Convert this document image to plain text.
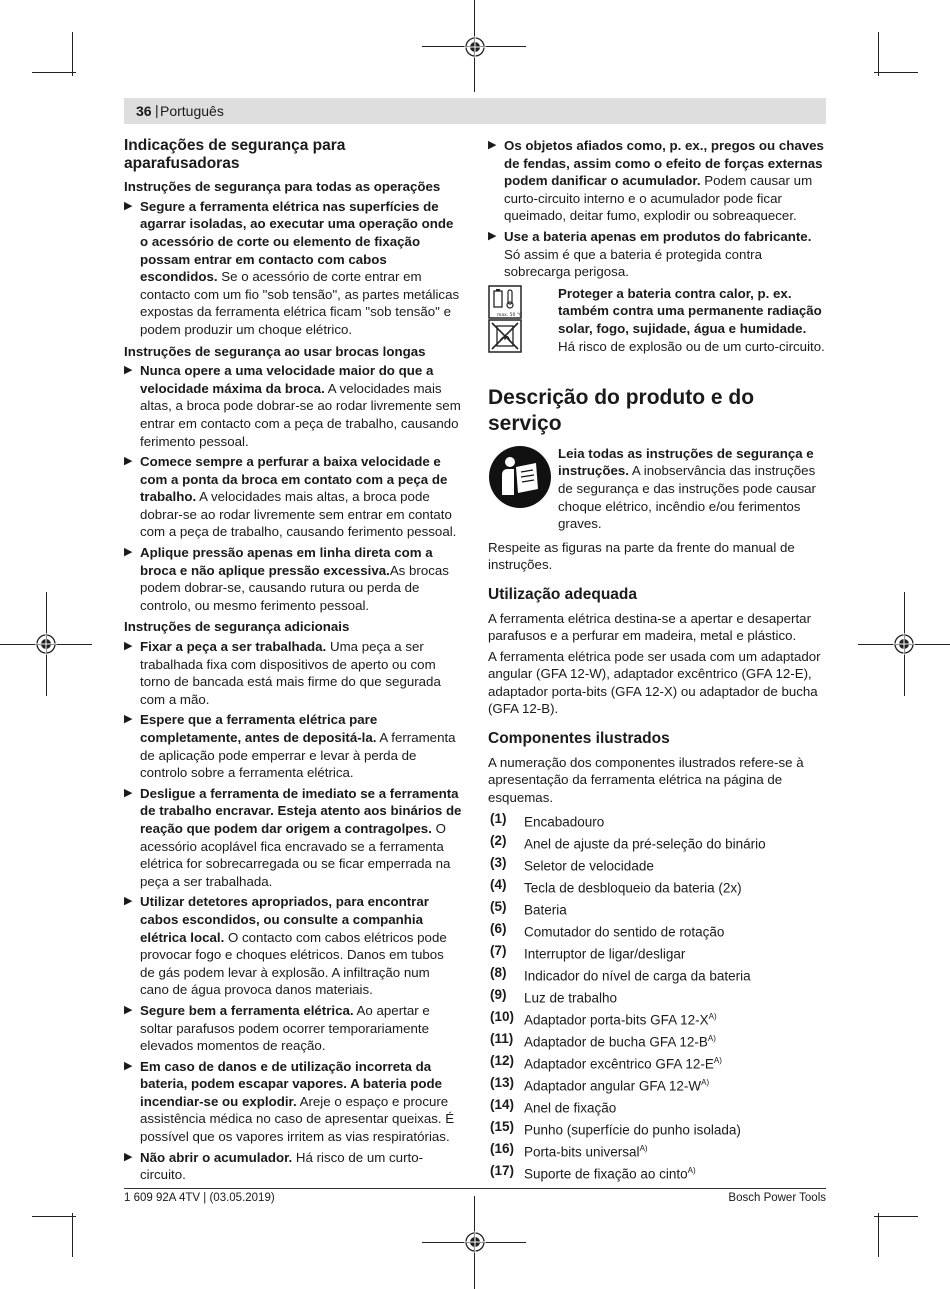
36 | Português
Indicações de segurança para aparafusadoras
Instruções de segurança para todas as operações
▶ Segure a ferramenta elétrica nas superfícies de agarrar isoladas, ao executar uma operação onde o acessório de corte ou elemento de fixação possam entrar em contacto com cabos escondidos. Se o acessório de corte entrar em contacto com um fio "sob tensão", as partes metálicas expostas da ferramenta elétrica ficam "sob tensão" e podem produzir um choque elétrico.
Instruções de segurança ao usar brocas longas
▶ Nunca opere a uma velocidade maior do que a velocidade máxima da broca. A velocidades mais altas, a broca pode dobrar-se ao rodar livremente sem entrar em contacto com a peça de trabalho, causando ferimento pessoal.
▶ Comece sempre a perfurar a baixa velocidade e com a ponta da broca em contato com a peça de trabalho. A velocidades mais altas, a broca pode dobrar-se ao rodar livremente sem entrar em contato com a peça de trabalho, causando ferimento pessoal.
▶ Aplique pressão apenas em linha direta com a broca e não aplique pressão excessiva.As brocas podem dobrar-se, causando rutura ou perda de controlo, ou mesmo ferimento pessoal.
Instruções de segurança adicionais
▶ Fixar a peça a ser trabalhada. Uma peça a ser trabalhada fixa com dispositivos de aperto ou com torno de bancada está mais firme do que segurada com a mão.
▶ Espere que a ferramenta elétrica pare completamente, antes de depositá-la. A ferramenta de aplicação pode emperrar e levar à perda de controlo sobre a ferramenta elétrica.
▶ Desligue a ferramenta de imediato se a ferramenta de trabalho encravar. Esteja atento aos binários de reação que podem dar origem a contragolpes. O acessório acoplável fica encravado se a ferramenta elétrica for sobrecarregada ou se ficar emperrada na peça a ser trabalhada.
▶ Utilizar detetores apropriados, para encontrar cabos escondidos, ou consulte a companhia elétrica local. O contacto com cabos elétricos pode provocar fogo e choques elétricos. Danos em tubos de gás podem levar à explosão. A infiltração num cano de água provoca danos materiais.
▶ Segure bem a ferramenta elétrica. Ao apertar e soltar parafusos podem ocorrer temporariamente elevados momentos de reação.
▶ Em caso de danos e de utilização incorreta da bateria, podem escapar vapores. A bateria pode incendiar-se ou explodir. Areje o espaço e procure assistência médica no caso de apresentar queixas. É possível que os vapores irritem as vias respiratórias.
▶ Não abrir o acumulador. Há risco de um curto-circuito.
▶ Os objetos afiados como, p. ex., pregos ou chaves de fendas, assim como o efeito de forças externas podem danificar o acumulador. Podem causar um curto-circuito interno e o acumulador pode ficar queimado, deitar fumo, explodir ou sobreaquecer.
▶ Use a bateria apenas em produtos do fabricante. Só assim é que a bateria é protegida contra sobrecarga perigosa.
max. 50 °C
Proteger a bateria contra calor, p. ex. também contra uma permanente radiação solar, fogo, sujidade, água e humidade. Há risco de explosão ou de um curto-circuito.
Descrição do produto e do serviço
Leia todas as instruções de segurança e instruções. A inobservância das instruções de segurança e das instruções pode causar choque elétrico, incêndio e/ou ferimentos graves.
Respeite as figuras na parte da frente do manual de instruções.
Utilização adequada
A ferramenta elétrica destina-se a apertar e desapertar parafusos e a perfurar em madeira, metal e plástico.
A ferramenta elétrica pode ser usada com um adaptador angular (GFA 12-W), adaptador excêntrico (GFA 12-E), adaptador porta-bits (GFA 12-X) ou adaptador de bucha (GFA 12-B).
Componentes ilustrados
A numeração dos componentes ilustrados refere-se à apresentação da ferramenta elétrica na página de esquemas.
(1) Encabadouro
(2) Anel de ajuste da pré-seleção do binário
(3) Seletor de velocidade
(4) Tecla de desbloqueio da bateria (2x)
(5) Bateria
(6) Comutador do sentido de rotação
(7) Interruptor de ligar/desligar
(8) Indicador do nível de carga da bateria
(9) Luz de trabalho
(10) Adaptador porta-bits GFA $12-X^{A)}$
(11) Adaptador de bucha GFA $12-B^{A)}$
(12) Adaptador excêntrico GFA $12-E^{A)}$
(13) Adaptador angular GFA $12-W^{A)}$
(14) Anel de fixação
(15) Punho (superfície do punho isolada)
(16) Porta-bits universal$^{A)}$
(17) Suporte de fixação ao cinto$^{A)}$
1 609 92A 4TV | (03.05.2019)	Bosch Power Tools
